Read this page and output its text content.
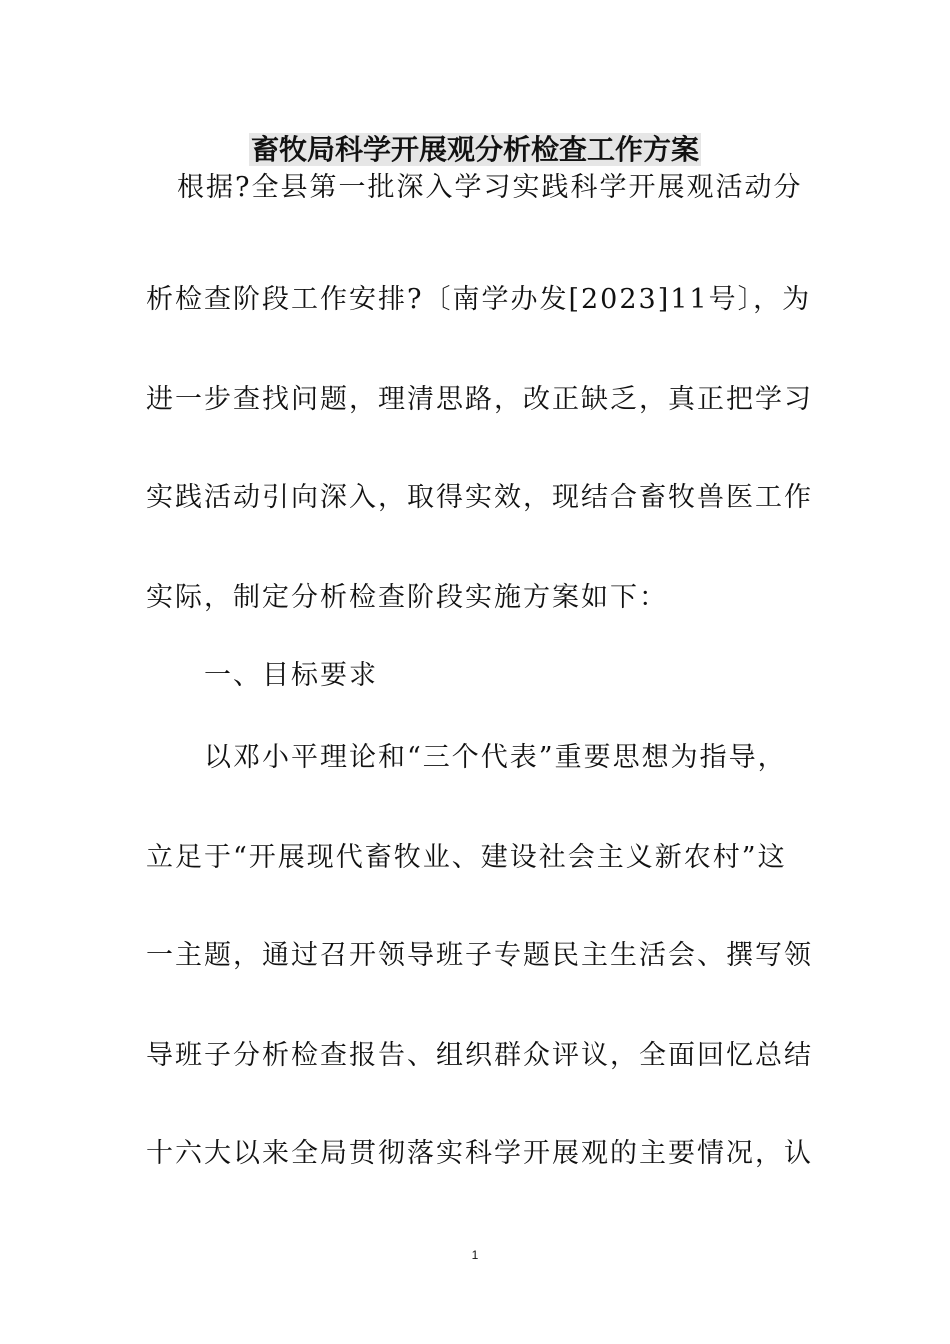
畜牧局科学开展观分析检查工作方案
根据?全县第一批深入学习实践科学开展观活动分
析检查阶段工作安排?〔南学办发[2023]11号〕，为
进一步查找问题，理清思路，改正缺乏，真正把学习
实践活动引向深入，取得实效，现结合畜牧兽医工作
实际，制定分析检查阶段实施方案如下：
一、目标要求
以邓小平理论和“三个代表”重要思想为指导，
立足于“开展现代畜牧业、建设社会主义新农村”这
一主题，通过召开领导班子专题民主生活会、撰写领
导班子分析检查报告、组织群众评议，全面回忆总结
十六大以来全局贯彻落实科学开展观的主要情况，认
1
